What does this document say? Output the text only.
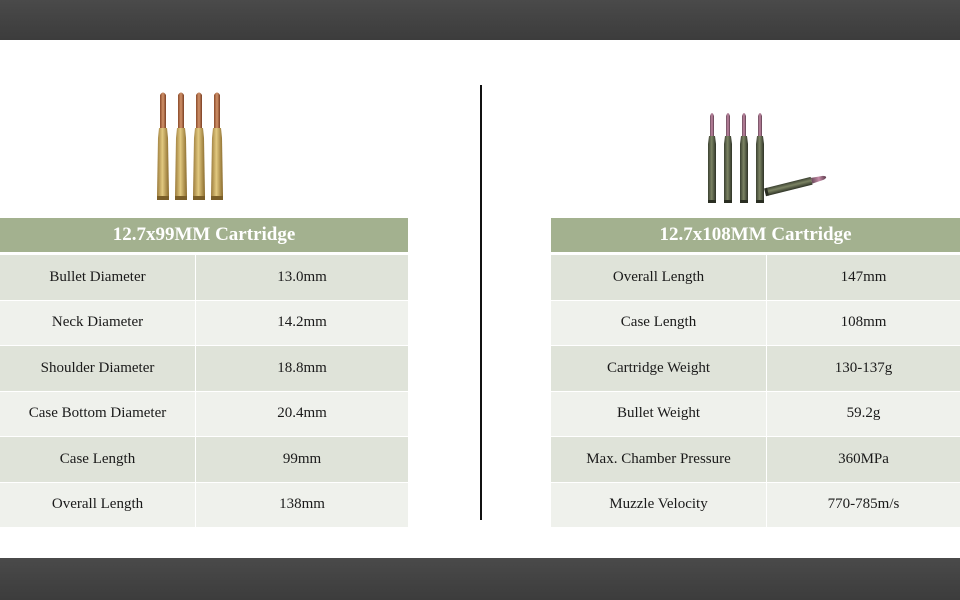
12.7x99MM Cartridge
Bullet Diameter	13.0mm
Neck Diameter	14.2mm
Shoulder Diameter	18.8mm
Case Bottom Diameter	20.4mm
Case Length	99mm
Overall Length	138mm
12.7x108MM Cartridge
Overall Length	147mm
Case Length	108mm
Cartridge Weight	130-137g
Bullet Weight	59.2g
Max. Chamber Pressure	360MPa
Muzzle Velocity	770-785m/s
